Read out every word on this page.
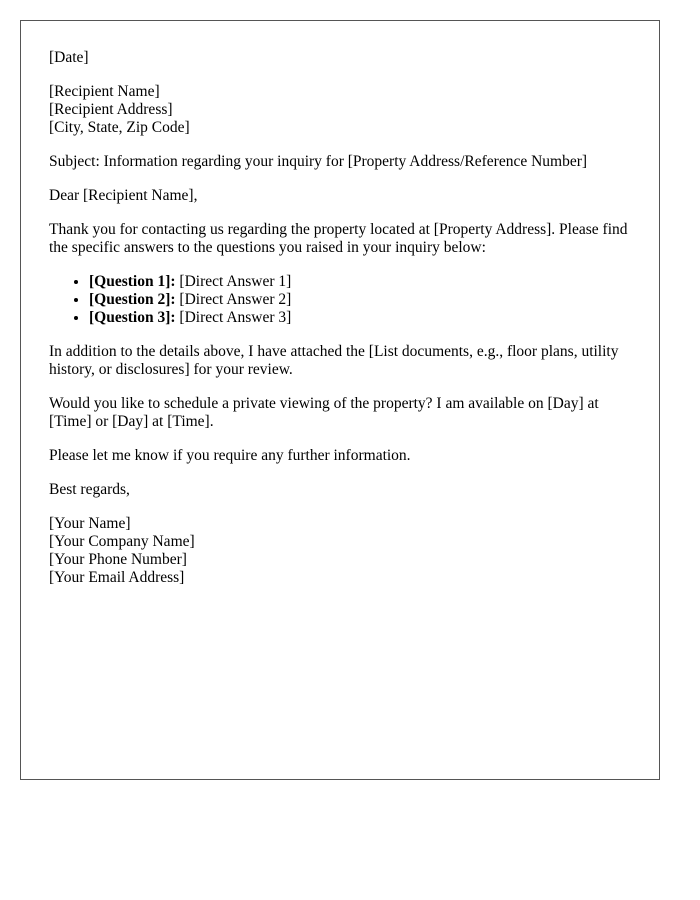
[Date]

[Recipient Name]
[Recipient Address]
[City, State, Zip Code]

Subject: Information regarding your inquiry for [Property Address/Reference Number]

Dear [Recipient Name],

Thank you for contacting us regarding the property located at [Property Address]. Please find the specific answers to the questions you raised in your inquiry below:

• [Question 1]: [Direct Answer 1]
• [Question 2]: [Direct Answer 2]
• [Question 3]: [Direct Answer 3]

In addition to the details above, I have attached the [List documents, e.g., floor plans, utility history, or disclosures] for your review.

Would you like to schedule a private viewing of the property? I am available on [Day] at [Time] or [Day] at [Time].

Please let me know if you require any further information.

Best regards,

[Your Name]
[Your Company Name]
[Your Phone Number]
[Your Email Address]
